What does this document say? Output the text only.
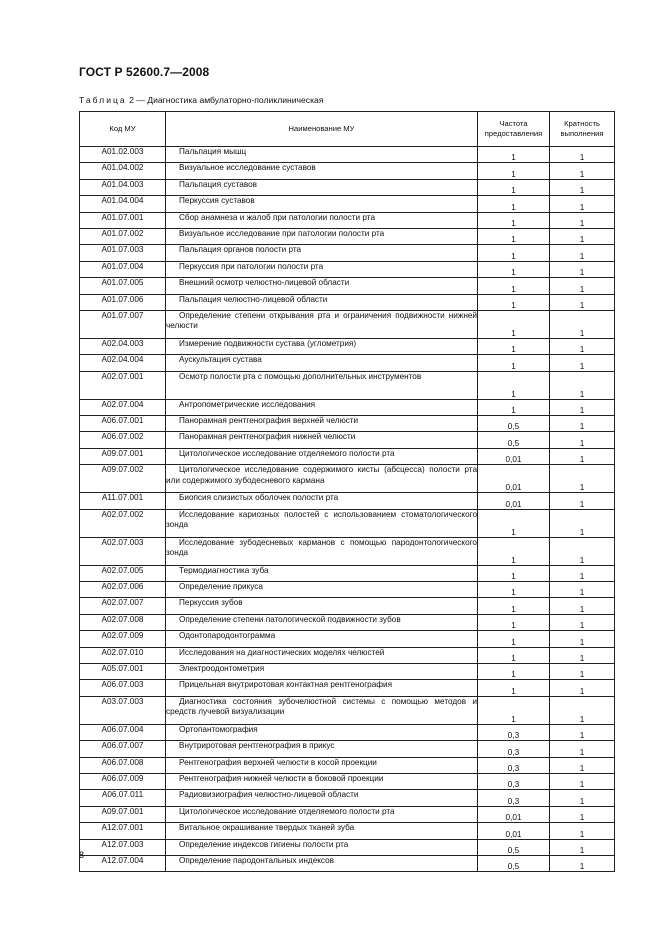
ГОСТ Р 52600.7—2008
Таблица 2 — Диагностика амбулаторно-поликлиническая
Код МУ	Наименование МУ	Частота предоставления	Кратность выполнения
A01.02.003	Пальпация мышц	1	1
A01.04.002	Визуальное исследование суставов	1	1
A01.04.003	Пальпация суставов	1	1
A01.04.004	Перкуссия суставов	1	1
A01.07.001	Сбор анамнеза и жалоб при патологии полости рта	1	1
A01.07.002	Визуальное исследование при патологии полости рта	1	1
A01.07.003	Пальпация органов полости рта	1	1
A01.07.004	Перкуссия при патологии полости рта	1	1
A01.07.005	Внешний осмотр челюстно-лицевой области	1	1
A01.07.006	Пальпация челюстно-лицевой области	1	1
A01.07.007	Определение степени открывания рта и ограничения подвижности нижней челюсти	1	1
A02.04.003	Измерение подвижности сустава (углометрия)	1	1
A02.04.004	Аускультация сустава	1	1
A02.07.001	Осмотр полости рта с помощью дополнительных инструментов	1	1
A02.07.004	Антропометрические исследования	1	1
A06.07.001	Панорамная рентгенография верхней челюсти	0,5	1
A06.07.002	Панорамная рентгенография нижней челюсти	0,5	1
A09.07.001	Цитологическое исследование отделяемого полости рта	0,01	1
A09.07.002	Цитологическое исследование содержимого кисты (абсцесса) полости рта или содержимого зубодесневого кармана	0,01	1
A11.07.001	Биопсия слизистых оболочек полости рта	0,01	1
A02.07.002	Исследование кариозных полостей с использованием стоматологического зонда	1	1
A02.07.003	Исследование зубодесневых карманов с помощью пародонтологического зонда	1	1
A02.07.005	Термодиагностика зуба	1	1
A02.07.006	Определение прикуса	1	1
A02.07.007	Перкуссия зубов	1	1
A02.07.008	Определение степени патологической подвижности зубов	1	1
A02.07.009	Одонтопародонтограмма	1	1
A02.07.010	Исследования на диагностических моделях челюстей	1	1
A05.07.001	Электроодонтометрия	1	1
A06.07.003	Прицельная внутриротовая контактная рентгенография	1	1
A03.07.003	Диагностика состояния зубочелюстной системы с помощью методов и средств лучевой визуализации	1	1
A06.07.004	Ортопантомография	0,3	1
A06.07.007	Внутриротовая рентгенография в прикус	0,3	1
A06.07.008	Рентгенография верхней челюсти в косой проекции	0,3	1
A06.07.009	Рентгенография нижней челюсти в боковой проекции	0,3	1
A06.07.011	Радиовизиография челюстно-лицевой области	0,3	1
A09.07.001	Цитологическое исследование отделяемого полости рта	0,01	1
A12.07.001	Витальное окрашивание твердых тканей зуба	0,01	1
A12.07.003	Определение индексов гигиены полости рта	0,5	1
A12.07.004	Определение пародонтальных индексов	0,5	1
8
